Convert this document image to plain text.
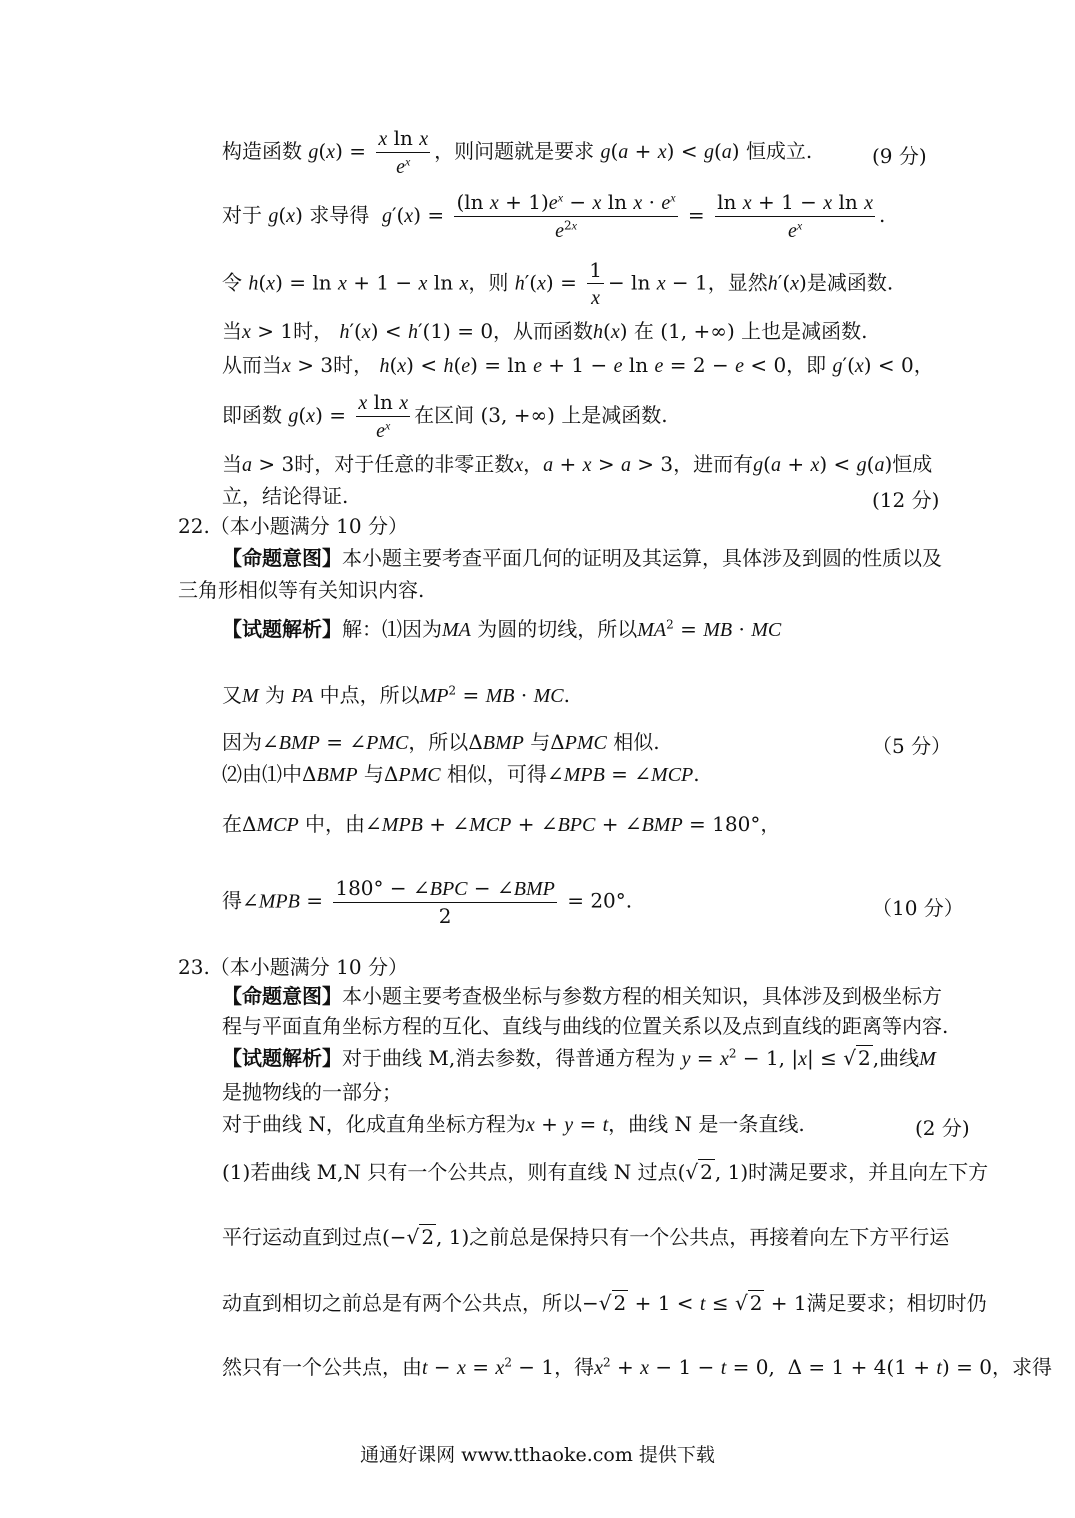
构造函数 $g(x) = \frac{\text{x ln x}}{e^x}$ ，则问题就是要求 g(a + x) < g(a) 恒成立.	(9 分)
对于 g(x) 求导得 $g'(x) = \frac{(\ln x + 1)e^x - x \ln x \cdot e^x}{e^{2x}} = \frac{\text{ln x + 1 − x ln x}}{e^x}$ .
令 h(x) = ln x + 1 − x ln x，则 $h'(x) = \frac{1}{x} - \ln x - 1$，显然h′(x)是减函数.
当x > 1时， h′(x) < h′(1) = 0，从而函数h(x) 在 (1, +∞) 上也是减函数.
从而当x > 3时， h(x) < h(e) = ln e + 1 − e ln e = 2 − e < 0，即 g′(x) < 0，
即函数 $g(x) = \frac{\text{x ln x}}{e^x}$ 在区间 (3, +∞) 上是减函数.
当a > 3时，对于任意的非零正数x，a + x > a > 3，进而有g(a + x) < g(a)恒成
立，结论得证.	(12 分)
22.（本小题满分 10 分）
【命题意图】本小题主要考查平面几何的证明及其运算，具体涉及到圆的性质以及
三角形相似等有关知识内容.
【试题解析】解：⑴因为MA 为圆的切线，所以$MA^2$ = MB · MC
又M 为 PA 中点，所以$MP^2$ = MB · MC.
因为∠BMP = ∠PMC，所以ΔBMP 与ΔPMC 相似.	（5 分）
⑵由⑴中ΔBMP 与ΔPMC 相似，可得∠MPB = ∠MCP.
在ΔMCP 中，由∠MPB + ∠MCP + ∠BPC + ∠BMP = 180°，
得∠MPB = $\frac{\text{180° − ∠BPC − ∠BMP}}{2} = 20^\circ$.	（10 分）
23.（本小题满分 10 分）
【命题意图】本小题主要考查极坐标与参数方程的相关知识，具体涉及到极坐标方
程与平面直角坐标方程的互化、直线与曲线的位置关系以及点到直线的距离等内容.
【试题解析】对于曲线 M,消去参数，得普通方程为 $y = x^2 - 1$, |x| ≤ √ 2 ,曲线M
是抛物线的一部分；
对于曲线 N，化成直角坐标方程为x + y = t，曲线 N 是一条直线.	(2 分)
(1)若曲线 M,N 只有一个公共点，则有直线 N 过点(√ 2 , 1)时满足要求，并且向左下方
平行运动直到过点(−√ 2 , 1)之前总是保持只有一个公共点，再接着向左下方平行运
动直到相切之前总是有两个公共点，所以−√ 2 + 1 < t ≤ √ 2 + 1满足要求；相切时仍
然只有一个公共点，由$t - x = x^2 - 1$，得$x^2 + x - 1 - t = 0$,  Δ = 1 + 4(1 + t) = 0，求得
通通好课网 www.tthaoke.com 提供下载
